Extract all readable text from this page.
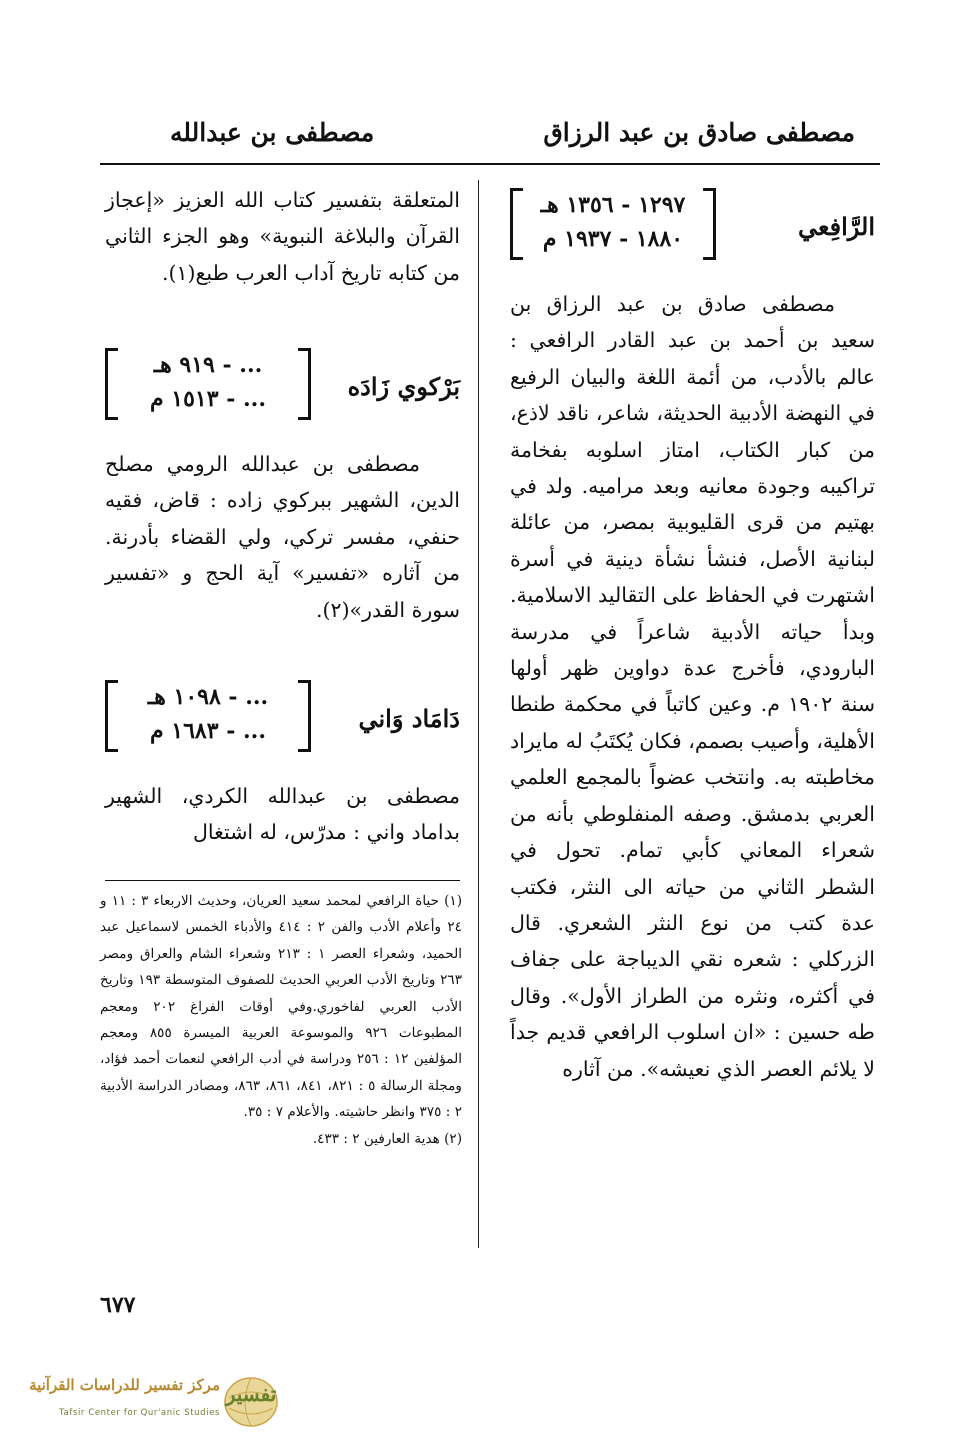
مصطفى صادق بن عبد الرزاق
مصطفى بن عبدالله
الرَّافِعي
١٢٩٧ - ١٣٥٦ هـ
١٨٨٠ - ١٩٣٧ م

مصطفى صادق بن عبد الرزاق بن سعيد بن أحمد بن عبد القادر الرافعي : عالم بالأدب، من أئمة اللغة والبيان الرفيع في النهضة الأدبية الحديثة، شاعر، ناقد لاذع، من كبار الكتاب، امتاز اسلوبه بفخامة تراكيبه وجودة معانيه وبعد مراميه. ولد في بهتيم من قرى القليوبية بمصر، من عائلة لبنانية الأصل، فنشأ نشأة دينية في أسرة اشتهرت في الحفاظ على التقاليد الاسلامية. وبدأ حياته الأدبية شاعراً في مدرسة البارودي، فأخرج عدة دواوين ظهر أولها سنة ١٩٠٢ م. وعين كاتباً في محكمة طنطا الأهلية، وأصيب بصمم، فكان يُكتَبُ له مايراد مخاطبته به. وانتخب عضواً بالمجمع العلمي العربي بدمشق. وصفه المنفلوطي بأنه من شعراء المعاني كأبي تمام. تحول في الشطر الثاني من حياته الى النثر، فكتب عدة كتب من نوع النثر الشعري. قال الزركلي : شعره نقي الديباجة على جفاف في أكثره، ونثره من الطراز الأول». وقال طه حسين : «ان اسلوب الرافعي قديم جداً لا يلائم العصر الذي نعيشه». من آثاره

المتعلقة بتفسير كتاب الله العزيز «إعجاز القرآن والبلاغة النبوية» وهو الجزء الثاني من كتابه تاريخ آداب العرب طبع(١).
بَرْكوي زَادَه
... - ٩١٩ هـ
... - ١٥١٣ م

مصطفى بن عبدالله الرومي مصلح الدين، الشهير ببركوي زاده : قاض، فقيه حنفي، مفسر تركي، ولي القضاء بأدرنة. من آثاره «تفسير» آية الحج و «تفسير سورة القدر»(٢).

دَامَاد وَاني
... - ١٠٩٨ هـ
... - ١٦٨٣ م

مصطفى بن عبدالله الكردي، الشهير بداماد واني : مدرّس، له اشتغال

(١) حياة الرافعي لمحمد سعيد العريان، وحديث الاربعاء ٣ : ١١ و ٢٤ وأعلام الأدب والفن ٢ : ٤١٤ والأدباء الخمس لاسماعيل عبد الحميد، وشعراء العصر ١ : ٢١٣ وشعراء الشام والعراق ومصر ٢٦٣ وتاريخ الأدب العربي الحديث للصفوف المتوسطة ١٩٣ وتاريخ الأدب العربي لفاخوري.وفي أوقات الفراغ ٢٠٢ ومعجم المطبوعات ٩٢٦ والموسوعة العربية الميسرة ٨٥٥ ومعجم المؤلفين ١٢ : ٢٥٦ ودراسة في أدب الرافعي لنعمات أحمد فؤاد، ومجلة الرسالة ٥ : ٨٢١، ٨٤١، ٨٦١، ٨٦٣، ومصادر الدراسة الأدبية ٢ : ٣٧٥ وانظر حاشيته. والأعلام ٧ : ٣٥.

(٢) هدية العارفين ٢ : ٤٣٣.

٦٧٧
مركز تفسير للدراسات القرآنية
Tafsir Center for Qur'anic Studies
تفسير
